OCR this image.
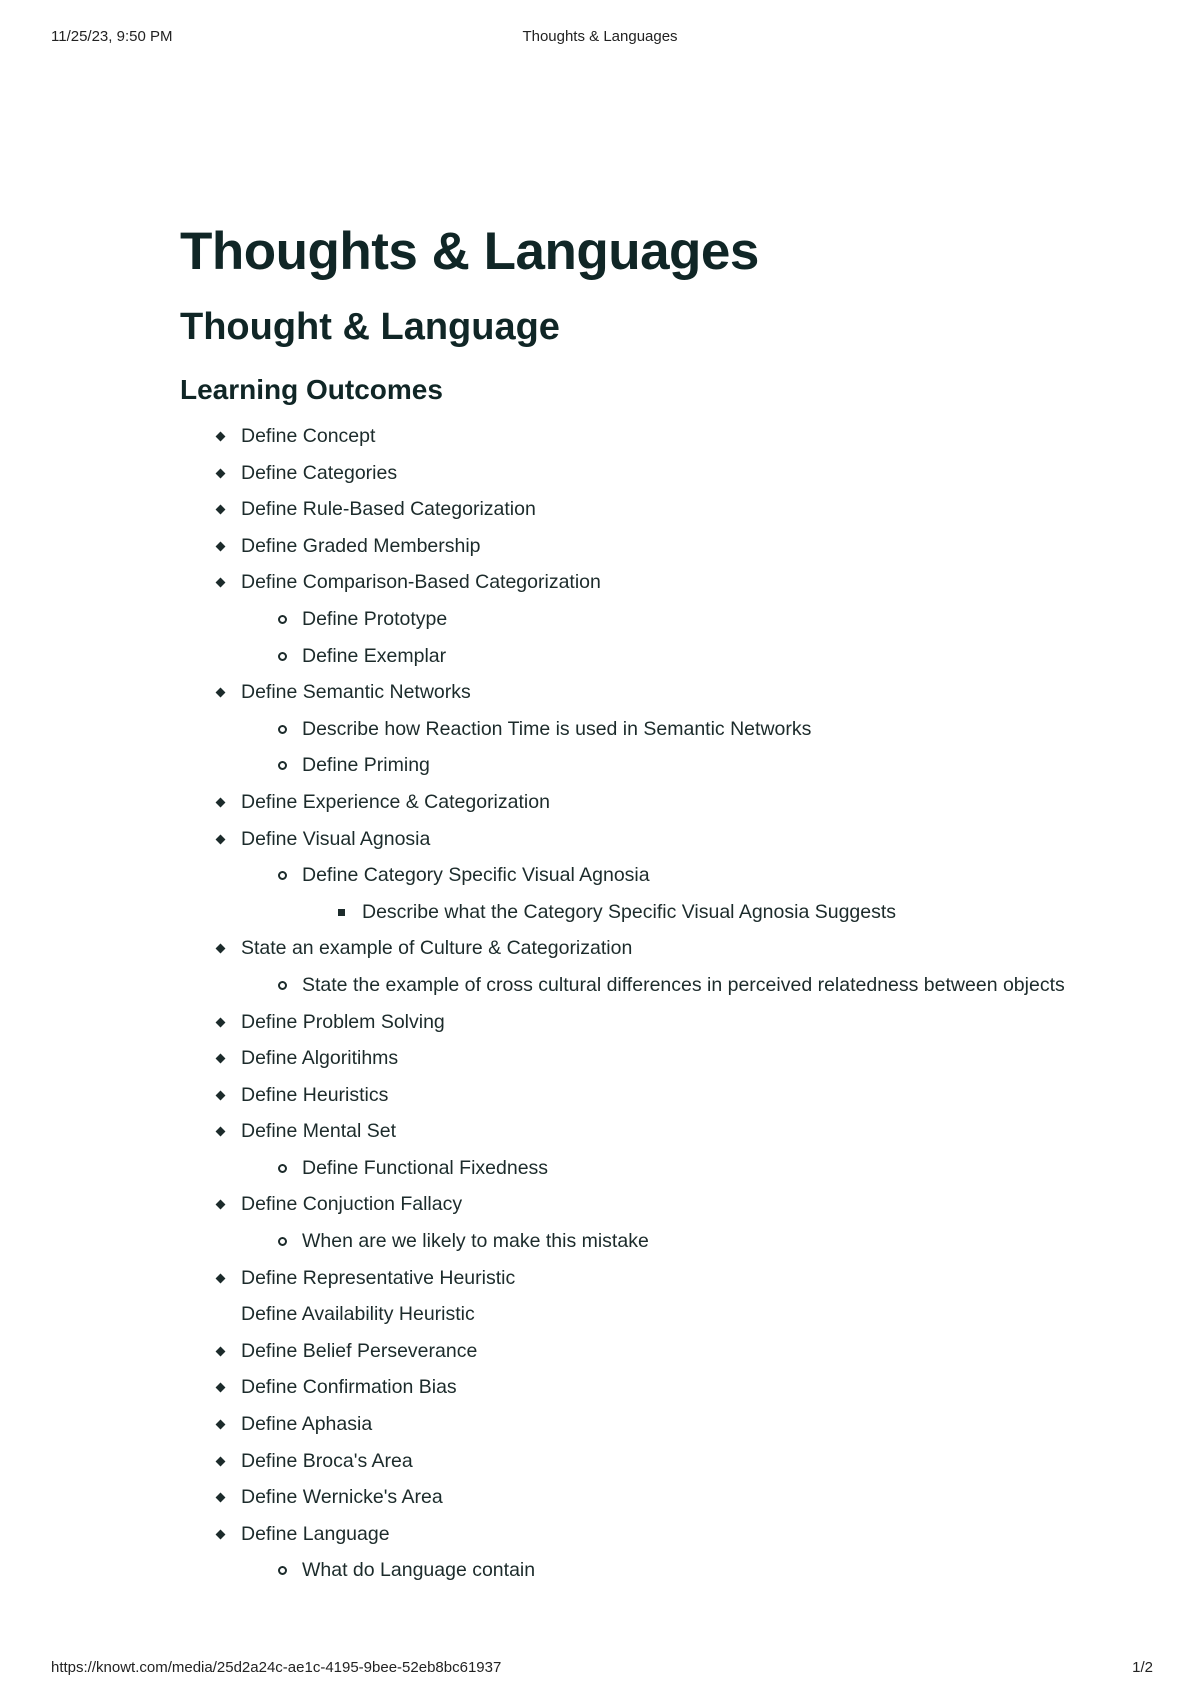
11/25/23, 9:50 PM	Thoughts & Languages
Thoughts & Languages
Thought & Language
Learning Outcomes
Define Concept
Define Categories
Define Rule-Based Categorization
Define Graded Membership
Define Comparison-Based Categorization
Define Prototype
Define Exemplar
Define Semantic Networks
Describe how Reaction Time is used in Semantic Networks
Define Priming
Define Experience & Categorization
Define Visual Agnosia
Define Category Specific Visual Agnosia
Describe what the Category Specific Visual Agnosia Suggests
State an example of Culture & Categorization
State the example of cross cultural differences in perceived relatedness between objects
Define Problem Solving
Define Algoritihms
Define Heuristics
Define Mental Set
Define Functional Fixedness
Define Conjuction Fallacy
When are we likely to make this mistake
Define Representative Heuristic
Define Availability Heuristic
Define Belief Perseverance
Define Confirmation Bias
Define Aphasia
Define Broca's Area
Define Wernicke's Area
Define Language
What do Language contain
https://knowt.com/media/25d2a24c-ae1c-4195-9bee-52eb8bc61937	1/2
